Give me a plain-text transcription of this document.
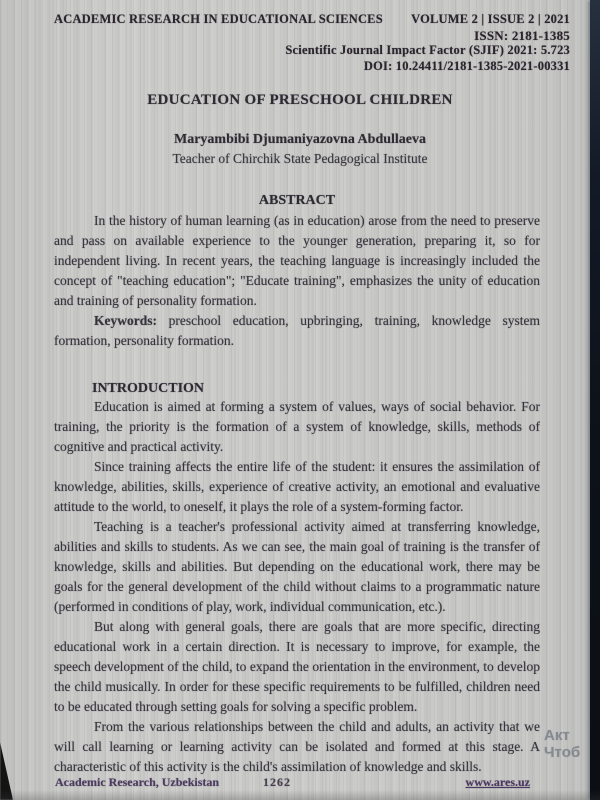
ACADEMIC RESEARCH IN EDUCATIONAL SCIENCES VOLUME 2 | ISSUE 2 | 2021
ISSN: 2181-1385
Scientific Journal Impact Factor (SJIF) 2021: 5.723
DOI: 10.24411/2181-1385-2021-00331
EDUCATION OF PRESCHOOL CHILDREN
Maryambibi Djumaniyazovna Abdullaeva
Teacher of Chirchik State Pedagogical Institute
ABSTRACT

In the history of human learning (as in education) arose from the need to preserve and pass on available experience to the younger generation, preparing it, so for independent living. In recent years, the teaching language is increasingly included the concept of "teaching education"; "Educate training", emphasizes the unity of education and training of personality formation.

Keywords: preschool education, upbringing, training, knowledge system formation, personality formation.

INTRODUCTION

Education is aimed at forming a system of values, ways of social behavior. For training, the priority is the formation of a system of knowledge, skills, methods of cognitive and practical activity.

Since training affects the entire life of the student: it ensures the assimilation of knowledge, abilities, skills, experience of creative activity, an emotional and evaluative attitude to the world, to oneself, it plays the role of a system-forming factor.

Teaching is a teacher's professional activity aimed at transferring knowledge, abilities and skills to students. As we can see, the main goal of training is the transfer of knowledge, skills and abilities. But depending on the educational work, there may be goals for the general development of the child without claims to a programmatic nature (performed in conditions of play, work, individual communication, etc.).

But along with general goals, there are goals that are more specific, directing educational work in a certain direction. It is necessary to improve, for example, the speech development of the child, to expand the orientation in the environment, to develop the child musically. In order for these specific requirements to be fulfilled, children need to be educated through setting goals for solving a specific problem.

From the various relationships between the child and adults, an activity that we will call learning or learning activity can be isolated and formed at this stage. A characteristic of this activity is the child's assimilation of knowledge and skills.

Academic Research, Uzbekistan	1262	www.ares.uz
Акт
Чтоб
